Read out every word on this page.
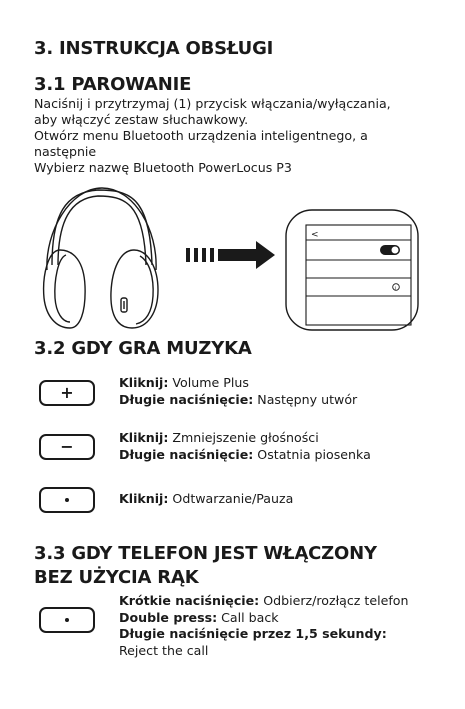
3. INSTRUKCJA OBSŁUGI
3.1 PAROWANIE
Naciśnij i przytrzymaj (1) przycisk włączania/wyłączania,
aby włączyć zestaw słuchawkowy.
Otwórz menu Bluetooth urządzenia inteligentnego, a
następnie
Wybierz nazwę Bluetooth PowerLocus P3
<
i
3.2 GDY GRA MUZYKA
+
Kliknij: Volume Plus
Długie naciśnięcie: Następny utwór
−	Kliknij: Zmniejszenie głośności
Długie naciśnięcie: Ostatnia piosenka
Kliknij: Odtwarzanie/Pauza
3.3 GDY TELEFON JEST WŁĄCZONY
BEZ UŻYCIA RĄK
Krótkie naciśnięcie: Odbierz/rozłącz telefon
Double press: Call back
Długie naciśnięcie przez 1,5 sekundy:
Reject the call
